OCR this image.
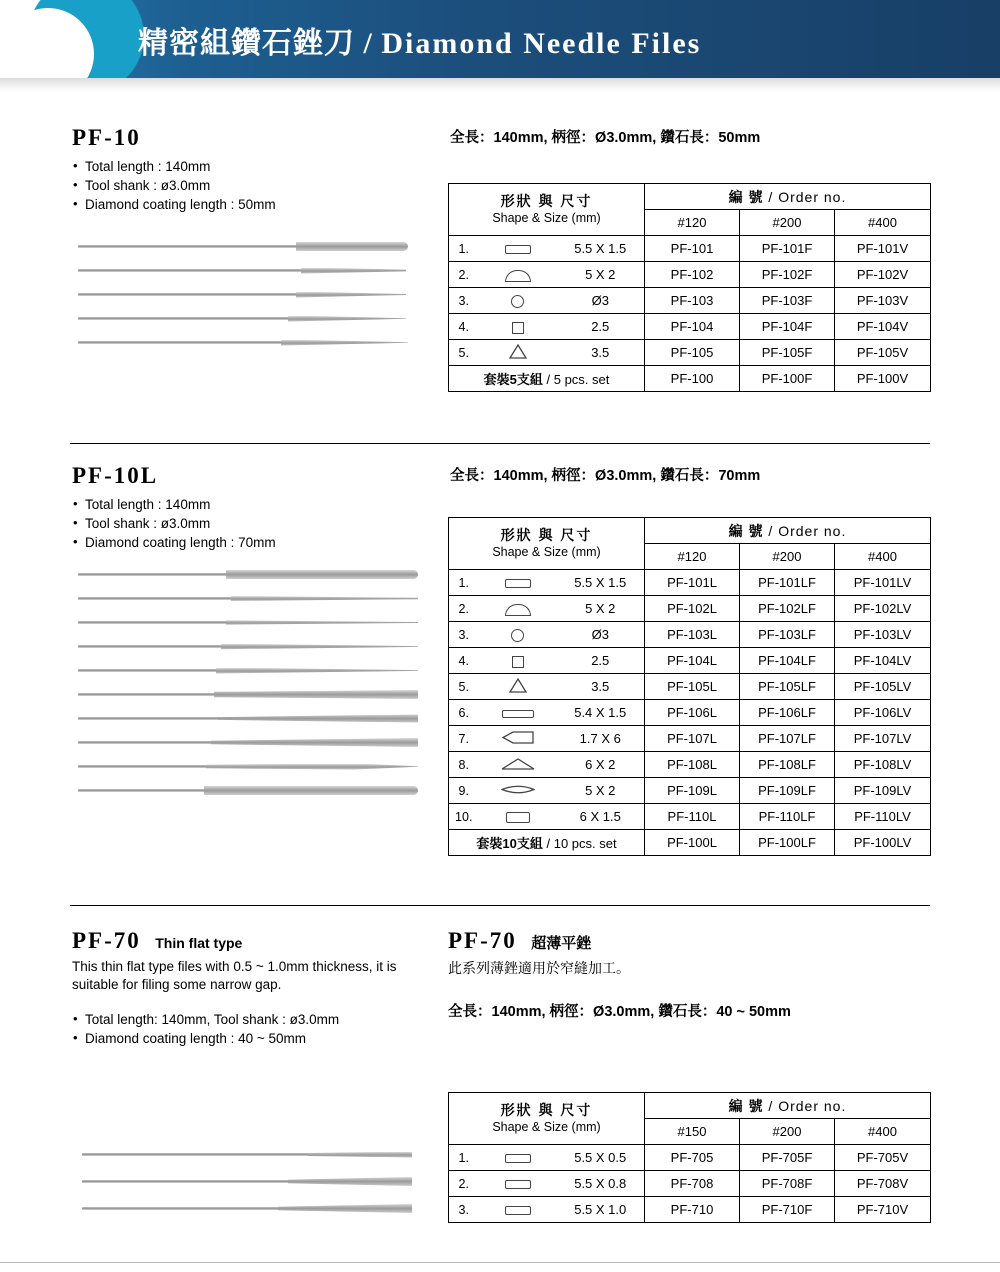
精密組鑽石銼刀 / Diamond Needle Files
PF-10
• Total length : 140mm
• Tool shank : ø3.0mm
• Diamond coating length : 50mm
全長：140mm, 柄徑：Ø3.0mm, 鑽石長：50mm
形狀 與 尺寸
Shape & Size (mm)			編 號 / Order no.		
			#120	#200	#400
1.		5.5 X 1.5	PF-101	PF-101F	PF-101V
2.		5 X 2	PF-102	PF-102F	PF-102V
3.		Ø3	PF-103	PF-103F	PF-103V
4.		2.5	PF-104	PF-104F	PF-104V
5.		3.5	PF-105	PF-105F	PF-105V
套裝5支組 / 5 pcs. set			PF-100	PF-100F	PF-100V
PF-10L
• Total length : 140mm
• Tool shank : ø3.0mm
• Diamond coating length : 70mm
全長：140mm, 柄徑：Ø3.0mm, 鑽石長：70mm
形狀 與 尺寸
Shape & Size (mm)			編 號 / Order no.		
			#120	#200	#400
1.		5.5 X 1.5	PF-101L	PF-101LF	PF-101LV
2.		5 X 2	PF-102L	PF-102LF	PF-102LV
3.		Ø3	PF-103L	PF-103LF	PF-103LV
4.		2.5	PF-104L	PF-104LF	PF-104LV
5.		3.5	PF-105L	PF-105LF	PF-105LV
6.		5.4 X 1.5	PF-106L	PF-106LF	PF-106LV
7.		1.7 X 6	PF-107L	PF-107LF	PF-107LV
8.		6 X 2	PF-108L	PF-108LF	PF-108LV
9.		5 X 2	PF-109L	PF-109LF	PF-109LV
10.		6 X 1.5	PF-110L	PF-110LF	PF-110LV
套裝10支組 / 10 pcs. set			PF-100L	PF-100LF	PF-100LV
PF-70 Thin flat type

This thin flat type files with 0.5 ~ 1.0mm thickness, it is suitable for filing some narrow gap.

• Total length: 140mm, Tool shank : ø3.0mm
• Diamond coating length : 40 ~ 50mm
PF-70 超薄平銼

此系列薄銼適用於窄縫加工。

全長：140mm, 柄徑：Ø3.0mm, 鑽石長：40 ~ 50mm

形狀 與 尺寸
Shape & Size (mm)			編 號 / Order no.		
			#150	#200	#400
1.		5.5 X 0.5	PF-705	PF-705F	PF-705V
2.		5.5 X 0.8	PF-708	PF-708F	PF-708V
3.		5.5 X 1.0	PF-710	PF-710F	PF-710V
